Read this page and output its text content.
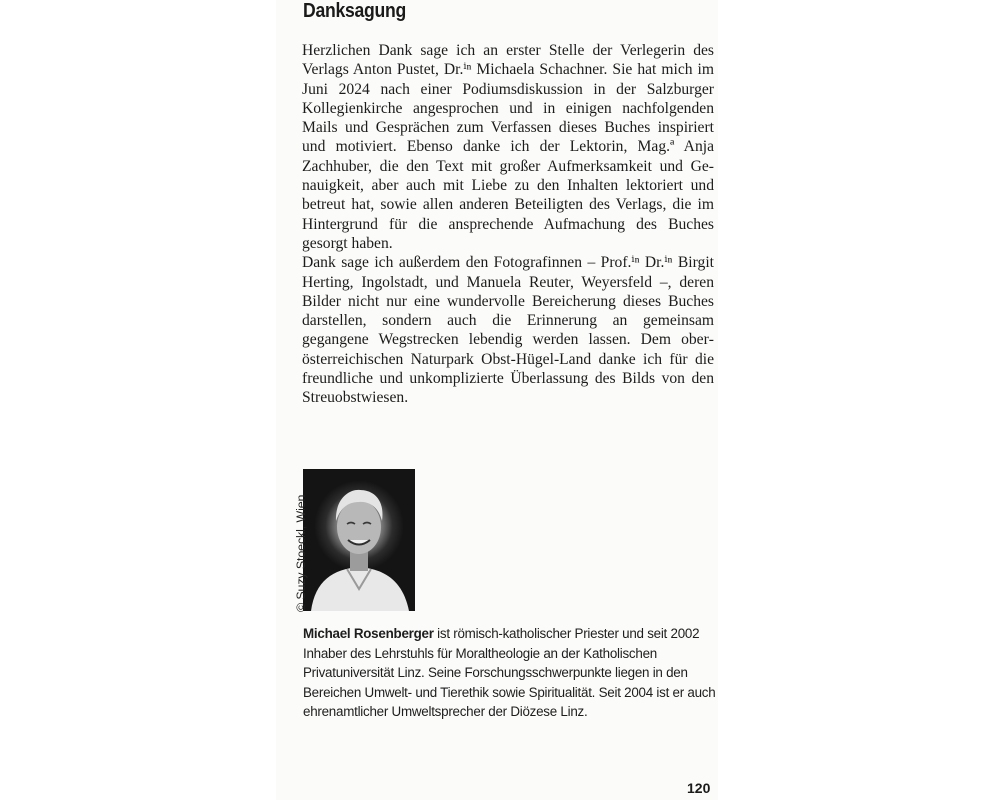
Danksagung

Herzlichen Dank sage ich an erster Stelle der Verlegerin des Verlags Anton Pustet, Dr.ⁱⁿ Michaela Schachner. Sie hat mich im Juni 2024 nach einer Podiumsdiskussion in der Salzburger Kollegienkirche angesprochen und in einigen nachfolgenden Mails und Gesprächen zum Verfassen dieses Buches inspiriert und motiviert. Ebenso danke ich der Lektorin, Mag.ª Anja Zachhuber, die den Text mit großer Aufmerksamkeit und Genauigkeit, aber auch mit Liebe zu den Inhalten lektoriert und betreut hat, sowie allen anderen Beteiligten des Verlags, die im Hintergrund für die ansprechende Aufmachung des Buches gesorgt haben.

Dank sage ich außerdem den Fotografinnen – Prof.ⁱⁿ Dr.ⁱⁿ Birgit Herting, Ingolstadt, und Manuela Reuter, Weyersfeld –, deren Bilder nicht nur eine wundervolle Bereicherung dieses Buches darstellen, sondern auch die Erinnerung an gemeinsam gegangene Wegstrecken lebendig werden lassen. Dem oberösterreichischen Naturpark Obst-Hügel-Land danke ich für die freundliche und unkomplizierte Überlassung des Bilds von den Streuobstwiesen.

© Suzy Stoeckl, Wien

Michael Rosenberger ist römisch-katholischer Priester und seit 2002 Inhaber des Lehrstuhls für Moraltheologie an der Katholischen Privatuniversität Linz. Seine Forschungsschwerpunkte liegen in den Bereichen Umwelt- und Tierethik sowie Spiritualität. Seit 2004 ist er auch ehrenamtlicher Umweltsprecher der Diözese Linz.

120
